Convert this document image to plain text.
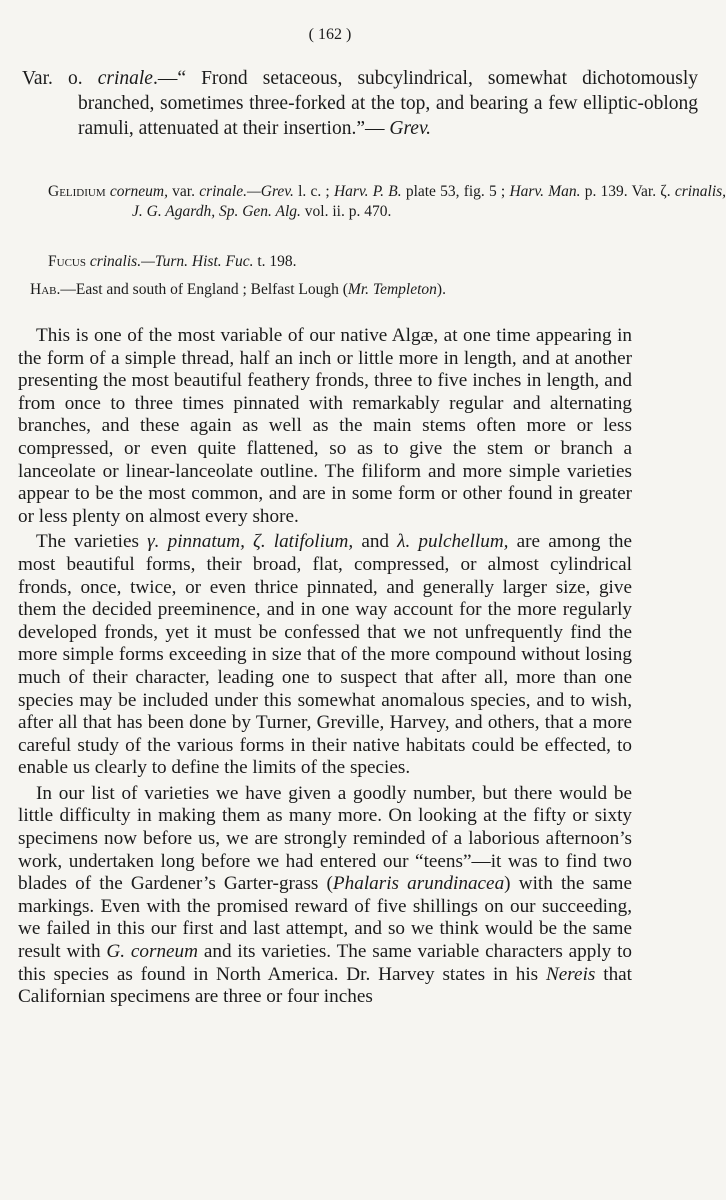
( 162 )
Var. ο. crinale.—“ Frond setaceous, subcylindrical, somewhat dichotomously branched, sometimes three-forked at the top, and bearing a few elliptic-oblong ramuli, attenuated at their insertion.”— Grev.
Gelidium corneum, var. crinale.—Grev. l. c. ; Harv. P. B. plate 53, fig. 5 ; Harv. Man. p. 139. Var. ζ. crinalis, J. G. Agardh, Sp. Gen. Alg. vol. ii. p. 470.
Fucus crinalis.—Turn. Hist. Fuc. t. 198.
Hab.—East and south of England ; Belfast Lough (Mr. Templeton).

This is one of the most variable of our native Algæ, at one time appearing in the form of a simple thread, half an inch or little more in length, and at another presenting the most beautiful feathery fronds, three to five inches in length, and from once to three times pinnated with remarkably regular and alternating branches, and these again as well as the main stems often more or less compressed, or even quite flattened, so as to give the stem or branch a lanceolate or linear-lanceolate outline. The filiform and more simple varieties appear to be the most common, and are in some form or other found in greater or less plenty on almost every shore.

The varieties γ. pinnatum, ζ. latifolium, and λ. pulchellum, are among the most beautiful forms, their broad, flat, compressed, or almost cylindrical fronds, once, twice, or even thrice pinnated, and generally larger size, give them the decided preeminence, and in one way account for the more regularly developed fronds, yet it must be confessed that we not unfrequently find the more simple forms exceeding in size that of the more compound without losing much of their character, leading one to suspect that after all, more than one species may be included under this somewhat anomalous species, and to wish, after all that has been done by Turner, Greville, Harvey, and others, that a more careful study of the various forms in their native habitats could be effected, to enable us clearly to define the limits of the species.

In our list of varieties we have given a goodly number, but there would be little difficulty in making them as many more. On looking at the fifty or sixty specimens now before us, we are strongly reminded of a laborious afternoon’s work, undertaken long before we had entered our “teens”—it was to find two blades of the Gardener’s Garter-grass (Phalaris arundinacea) with the same markings. Even with the promised reward of five shillings on our succeeding, we failed in this our first and last attempt, and so we think would be the same result with G. corneum and its varieties. The same variable characters apply to this species as found in North America. Dr. Harvey states in his Nereis that Californian specimens are three or four inches
